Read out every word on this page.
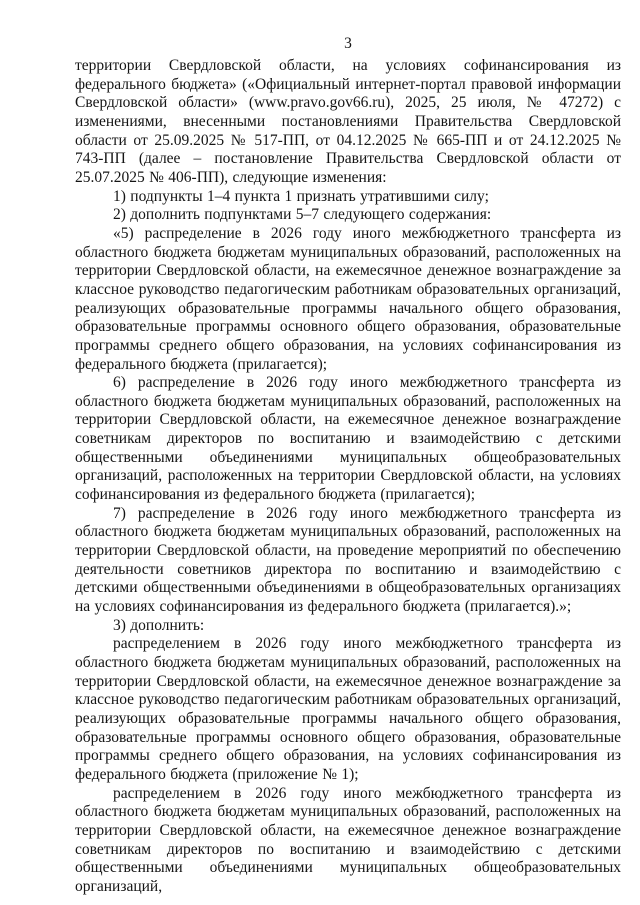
3

территории Свердловской области, на условиях софинансирования из федерального бюджета» («Официальный интернет-портал правовой информации Свердловской области» (www.pravo.gov66.ru), 2025, 25 июля, № 47272) с изменениями, внесенными постановлениями Правительства Свердловской области от 25.09.2025 № 517-ПП, от 04.12.2025 № 665-ПП и от 24.12.2025 № 743-ПП (далее – постановление Правительства Свердловской области от 25.07.2025 № 406-ПП), следующие изменения:

1) подпункты 1–4 пункта 1 признать утратившими силу;

2) дополнить подпунктами 5–7 следующего содержания:

«5) распределение в 2026 году иного межбюджетного трансферта из областного бюджета бюджетам муниципальных образований, расположенных на территории Свердловской области, на ежемесячное денежное вознаграждение за классное руководство педагогическим работникам образовательных организаций, реализующих образовательные программы начального общего образования, образовательные программы основного общего образования, образовательные программы среднего общего образования, на условиях софинансирования из федерального бюджета (прилагается);

6) распределение в 2026 году иного межбюджетного трансферта из областного бюджета бюджетам муниципальных образований, расположенных на территории Свердловской области, на ежемесячное денежное вознаграждение советникам директоров по воспитанию и взаимодействию с детскими общественными объединениями муниципальных общеобразовательных организаций, расположенных на территории Свердловской области, на условиях софинансирования из федерального бюджета (прилагается);

7) распределение в 2026 году иного межбюджетного трансферта из областного бюджета бюджетам муниципальных образований, расположенных на территории Свердловской области, на проведение мероприятий по обеспечению деятельности советников директора по воспитанию и взаимодействию с детскими общественными объединениями в общеобразовательных организациях на условиях софинансирования из федерального бюджета (прилагается).»;

3) дополнить:

распределением в 2026 году иного межбюджетного трансферта из областного бюджета бюджетам муниципальных образований, расположенных на территории Свердловской области, на ежемесячное денежное вознаграждение за классное руководство педагогическим работникам образовательных организаций, реализующих образовательные программы начального общего образования, образовательные программы основного общего образования, образовательные программы среднего общего образования, на условиях софинансирования из федерального бюджета (приложение № 1);

распределением в 2026 году иного межбюджетного трансферта из областного бюджета бюджетам муниципальных образований, расположенных на территории Свердловской области, на ежемесячное денежное вознаграждение советникам директоров по воспитанию и взаимодействию с детскими общественными объединениями муниципальных общеобразовательных организаций,
